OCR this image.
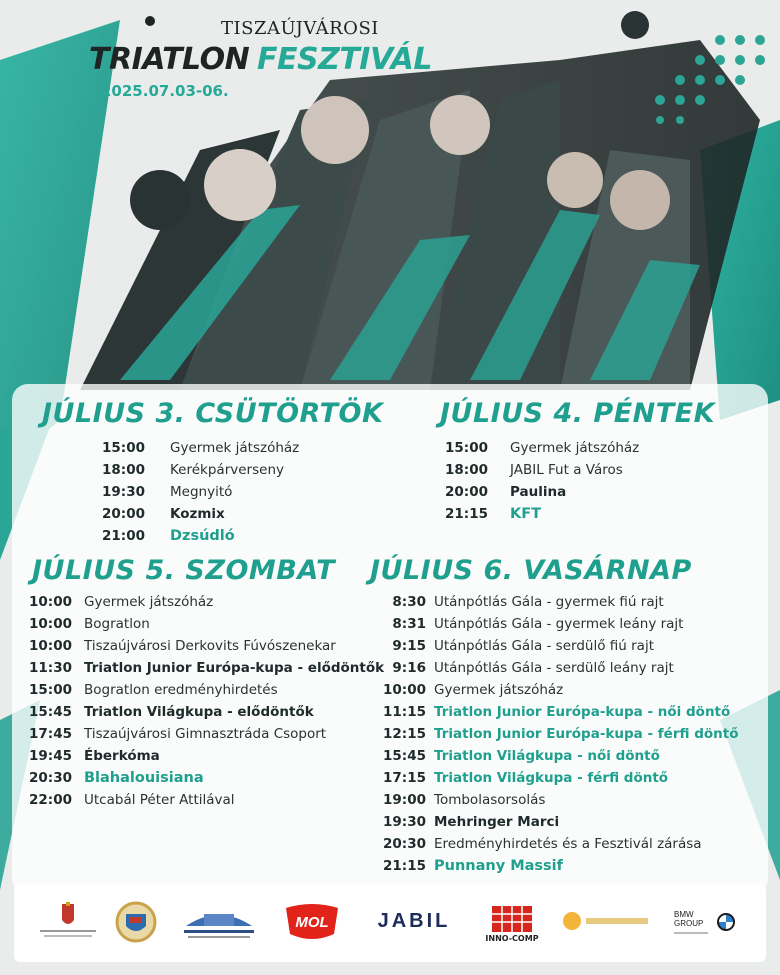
TISZAÚJVÁROSI
TRIATLON FESZTIVÁL
2025.07.03-06.
JÚLIUS 3. CSÜTÖRTÖK
15:00 Gyermek játszóház
18:00 Kerékpárverseny
19:30 Megnyitó
20:00 Kozmix
21:00 Dzsúdló
JÚLIUS 4. PÉNTEK
15:00 Gyermek játszóház
18:00 JABIL Fut a Város
20:00 Paulina
21:15 KFT
JÚLIUS 5. SZOMBAT
10:00 Gyermek játszóház
10:00 Bogratlon
10:00 Tiszaújvárosi Derkovits Fúvószenekar
11:30 Triatlon Junior Európa-kupa - elődöntők
15:00 Bogratlon eredményhirdetés
15:45 Triatlon Világkupa - elődöntők
17:45 Tiszaújvárosi Gimnasztráda Csoport
19:45 Éberkóma
20:30 Blahalouisiana
22:00 Utcabál Péter Attilával
JÚLIUS 6. VASÁRNAP
8:30 Utánpótlás Gála - gyermek fiú rajt
8:31 Utánpótlás Gála - gyermek leány rajt
9:15 Utánpótlás Gála - serdülő fiú rajt
9:16 Utánpótlás Gála - serdülő leány rajt
10:00 Gyermek játszóház
11:15 Triatlon Junior Európa-kupa - női döntő
12:15 Triatlon Junior Európa-kupa - férfi döntő
15:45 Triatlon Világkupa - női döntő
17:15 Triatlon Világkupa - férfi döntő
19:00 Tombolasorsolás
19:30 Mehringer Marci
20:30 Eredményhirdetés és a Fesztivál zárása
21:15 Punnany Massif
MOL JABIL
INNO-COMP
BMW GROUP
